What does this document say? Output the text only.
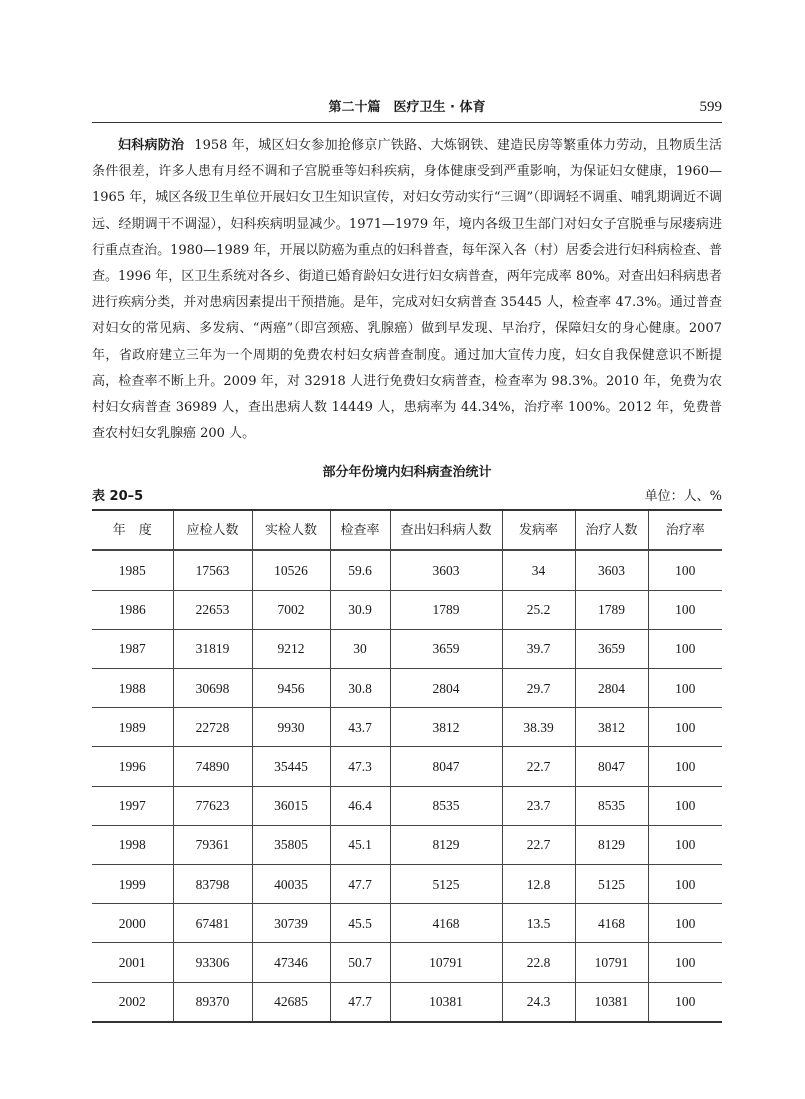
第二十篇　医疗卫生 · 体育	599

妇科病防治 1958 年，城区妇女参加抢修京广铁路、大炼钢铁、建造民房等繁重体力劳动，且物质生活条件很差，许多人患有月经不调和子宫脱垂等妇科疾病，身体健康受到严重影响，为保证妇女健康，1960—1965 年，城区各级卫生单位开展妇女卫生知识宣传，对妇女劳动实行“三调”（即调轻不调重、哺乳期调近不调远、经期调干不调湿），妇科疾病明显减少。1971—1979 年，境内各级卫生部门对妇女子宫脱垂与尿瘘病进行重点查治。1980—1989 年，开展以防癌为重点的妇科普查，每年深入各（村）居委会进行妇科病检查、普查。1996 年，区卫生系统对各乡、街道已婚育龄妇女进行妇女病普查，两年完成率 80%。对查出妇科病患者进行疾病分类，并对患病因素提出干预措施。是年，完成对妇女病普查 35445 人，检查率 47.3%。通过普查对妇女的常见病、多发病、“两癌”（即宫颈癌、乳腺癌）做到早发现、早治疗，保障妇女的身心健康。2007 年，省政府建立三年为一个周期的免费农村妇女病普查制度。通过加大宣传力度，妇女自我保健意识不断提高，检查率不断上升。2009 年，对 32918 人进行免费妇女病普查，检查率为 98.3%。2010 年，免费为农村妇女病普查 36989 人，查出患病人数 14449 人，患病率为 44.34%，治疗率 100%。2012 年，免费普查农村妇女乳腺癌 200 人。

部分年份境内妇科病查治统计
表 20–5	单位：人、%
年　度	应检人数	实检人数	检查率	查出妇科病人数	发病率	治疗人数	治疗率
1985	17563	10526	59.6	3603	34	3603	100
1986	22653	7002	30.9	1789	25.2	1789	100
1987	31819	9212	30	3659	39.7	3659	100
1988	30698	9456	30.8	2804	29.7	2804	100
1989	22728	9930	43.7	3812	38.39	3812	100
1996	74890	35445	47.3	8047	22.7	8047	100
1997	77623	36015	46.4	8535	23.7	8535	100
1998	79361	35805	45.1	8129	22.7	8129	100
1999	83798	40035	47.7	5125	12.8	5125	100
2000	67481	30739	45.5	4168	13.5	4168	100
2001	93306	47346	50.7	10791	22.8	10791	100
2002	89370	42685	47.7	10381	24.3	10381	100
